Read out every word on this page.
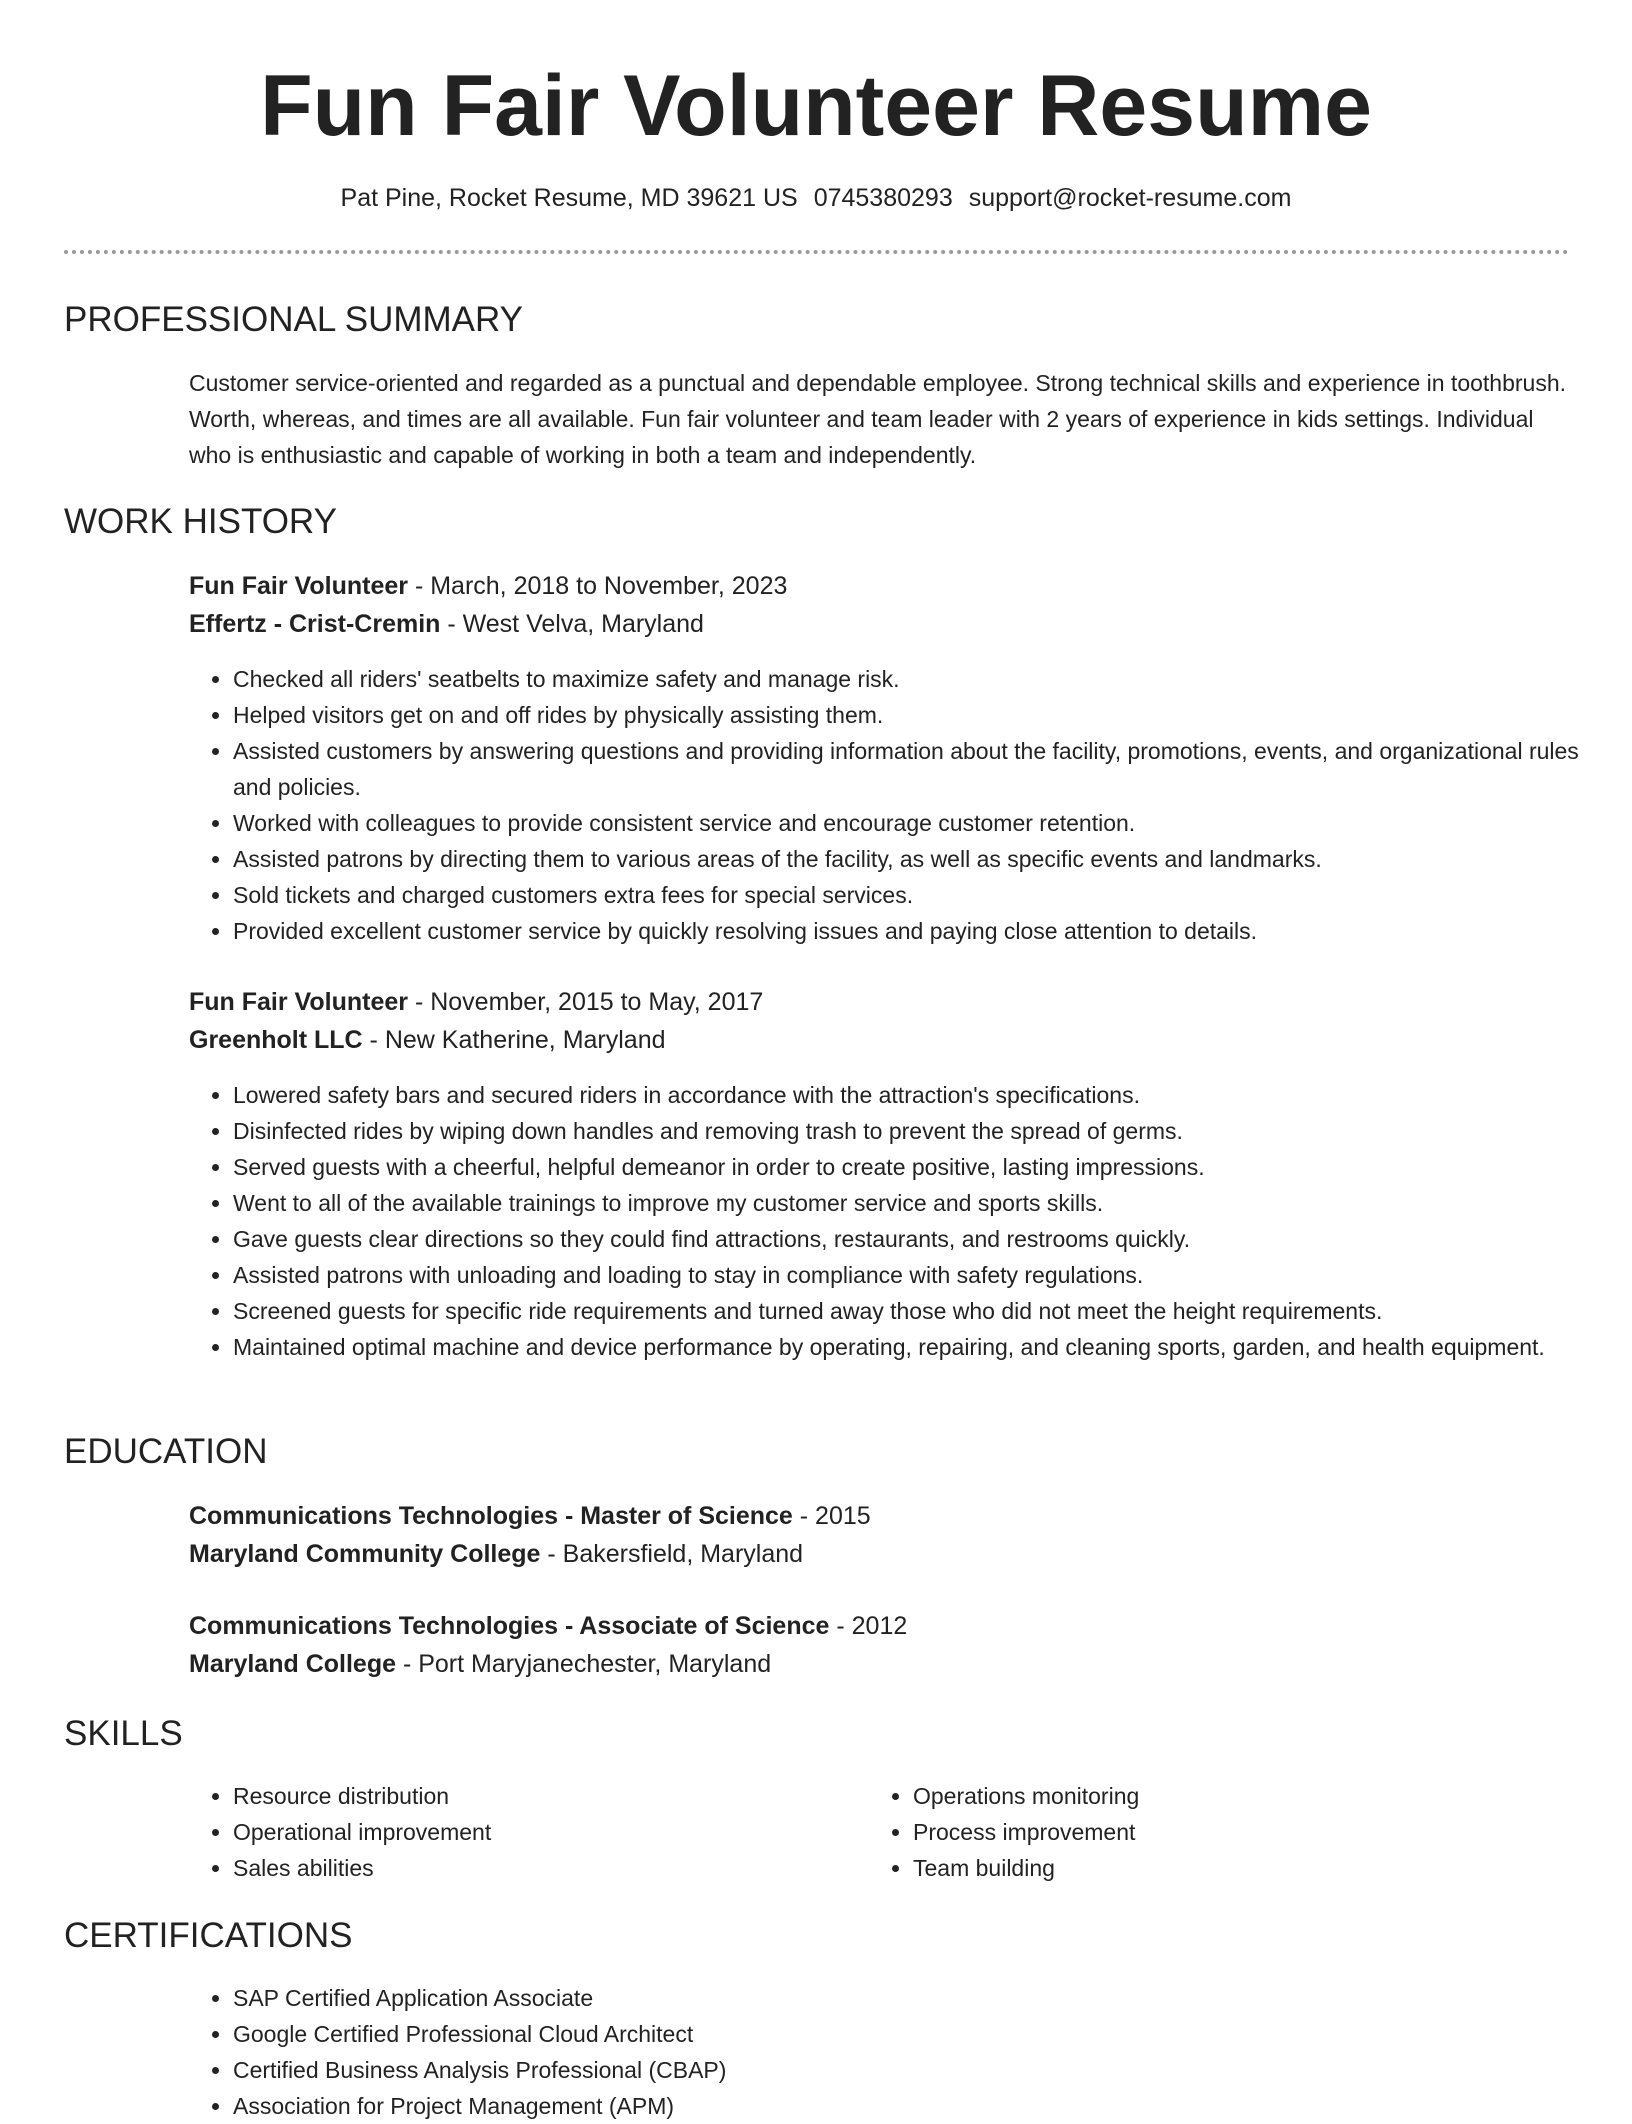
Fun Fair Volunteer Resume
Pat Pine, Rocket Resume, MD 39621 US 0745380293 support@rocket-resume.com
PROFESSIONAL SUMMARY

Customer service-oriented and regarded as a punctual and dependable employee. Strong technical skills and experience in toothbrush. Worth, whereas, and times are all available. Fun fair volunteer and team leader with 2 years of experience in kids settings. Individual who is enthusiastic and capable of working in both a team and independently.

WORK HISTORY
Fun Fair Volunteer - March, 2018 to November, 2023
Effertz - Crist-Cremin - West Velva, Maryland
• Checked all riders' seatbelts to maximize safety and manage risk.
• Helped visitors get on and off rides by physically assisting them.
• Assisted customers by answering questions and providing information about the facility, promotions, events, and organizational rules and policies.
• Worked with colleagues to provide consistent service and encourage customer retention.
• Assisted patrons by directing them to various areas of the facility, as well as specific events and landmarks.
• Sold tickets and charged customers extra fees for special services.
• Provided excellent customer service by quickly resolving issues and paying close attention to details.
Fun Fair Volunteer - November, 2015 to May, 2017
Greenholt LLC - New Katherine, Maryland
• Lowered safety bars and secured riders in accordance with the attraction's specifications.
• Disinfected rides by wiping down handles and removing trash to prevent the spread of germs.
• Served guests with a cheerful, helpful demeanor in order to create positive, lasting impressions.
• Went to all of the available trainings to improve my customer service and sports skills.
• Gave guests clear directions so they could find attractions, restaurants, and restrooms quickly.
• Assisted patrons with unloading and loading to stay in compliance with safety regulations.
• Screened guests for specific ride requirements and turned away those who did not meet the height requirements.
• Maintained optimal machine and device performance by operating, repairing, and cleaning sports, garden, and health equipment.
EDUCATION
Communications Technologies - Master of Science - 2015
Maryland Community College - Bakersfield, Maryland
Communications Technologies - Associate of Science - 2012
Maryland College - Port Maryjanechester, Maryland
SKILLS
• Resource distribution
• Operational improvement
• Sales abilities
• Operations monitoring
• Process improvement
• Team building
CERTIFICATIONS
• SAP Certified Application Associate
• Google Certified Professional Cloud Architect
• Certified Business Analysis Professional (CBAP)
• Association for Project Management (APM)
